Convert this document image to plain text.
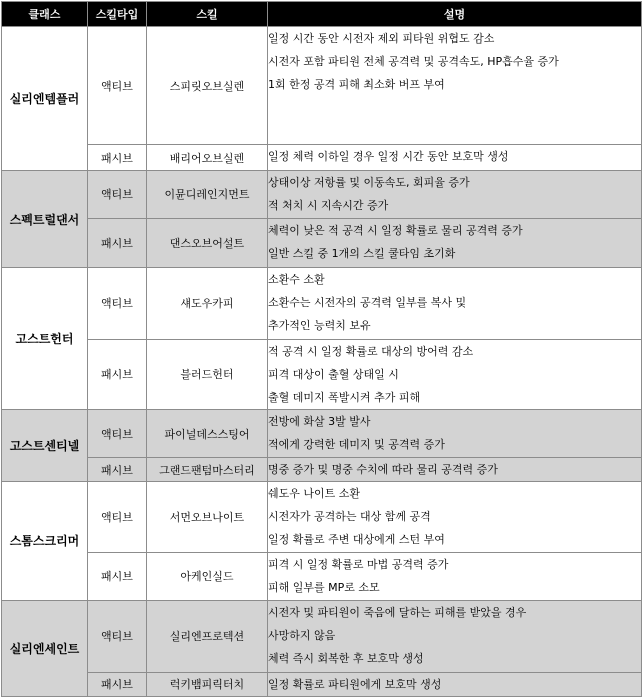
클래스	스킬타입	스킬	설명
실리엔템플러	액티브	스피릿오브실렌	일정 시간 동안 시전자 제외 피타원 위협도 감소
시전자 포함 파티원 전체 공격력 및 공격속도, HP흡수율 증가
1회 한정 공격 피해 최소화 버프 부여

	패시브	배리어오브실렌	일정 체력 이하일 경우 일정 시간 동안 보호막 생성

스펙트럴댄서	액티브	이뮨디레인지먼트	상태이상 저항률 및 이동속도, 회피율 증가
적 처치 시 지속시간 증가

	패시브	댄스오브어설트	체력이 낮은 적 공격 시 일정 확률로 물리 공격력 증가
일반 스킬 중 1개의 스킬 쿨타임 초기화

고스트헌터	액티브	섀도우카피	소환수 소환
소환수는 시전자의 공격력 일부를 복사 및
추가적인 능력치 보유

	패시브	블러드헌터	적 공격 시 일정 확률로 대상의 방어력 감소
피격 대상이 출혈 상태일 시
출혈 데미지 폭발시켜 추가 피해

고스트센티넬	액티브	파이널데스스팅어	전방에 화살 3발 발사
적에게 강력한 데미지 및 공격력 증가

	패시브	그랜드팬텀마스터리	명중 증가 및 명중 수치에 따라 물리 공격력 증가

스톰스크리머	액티브	서먼오브나이트	쉐도우 나이트 소환
시전자가 공격하는 대상 함께 공격
일정 확률로 주변 대상에게 스턴 부여

	패시브	아케인실드	피격 시 일정 확률로 마법 공격력 증가
피해 일부를 MP로 소모

실리엔세인트	액티브	실리엔프로텍션	시전자 및 파티원이 죽음에 달하는 피해를 받았을 경우
사망하지 않음
체력 즉시 회복한 후 보호막 생성

	패시브	럭키뱀피릭터치	일정 확률로 파티원에게 보호막 생성
